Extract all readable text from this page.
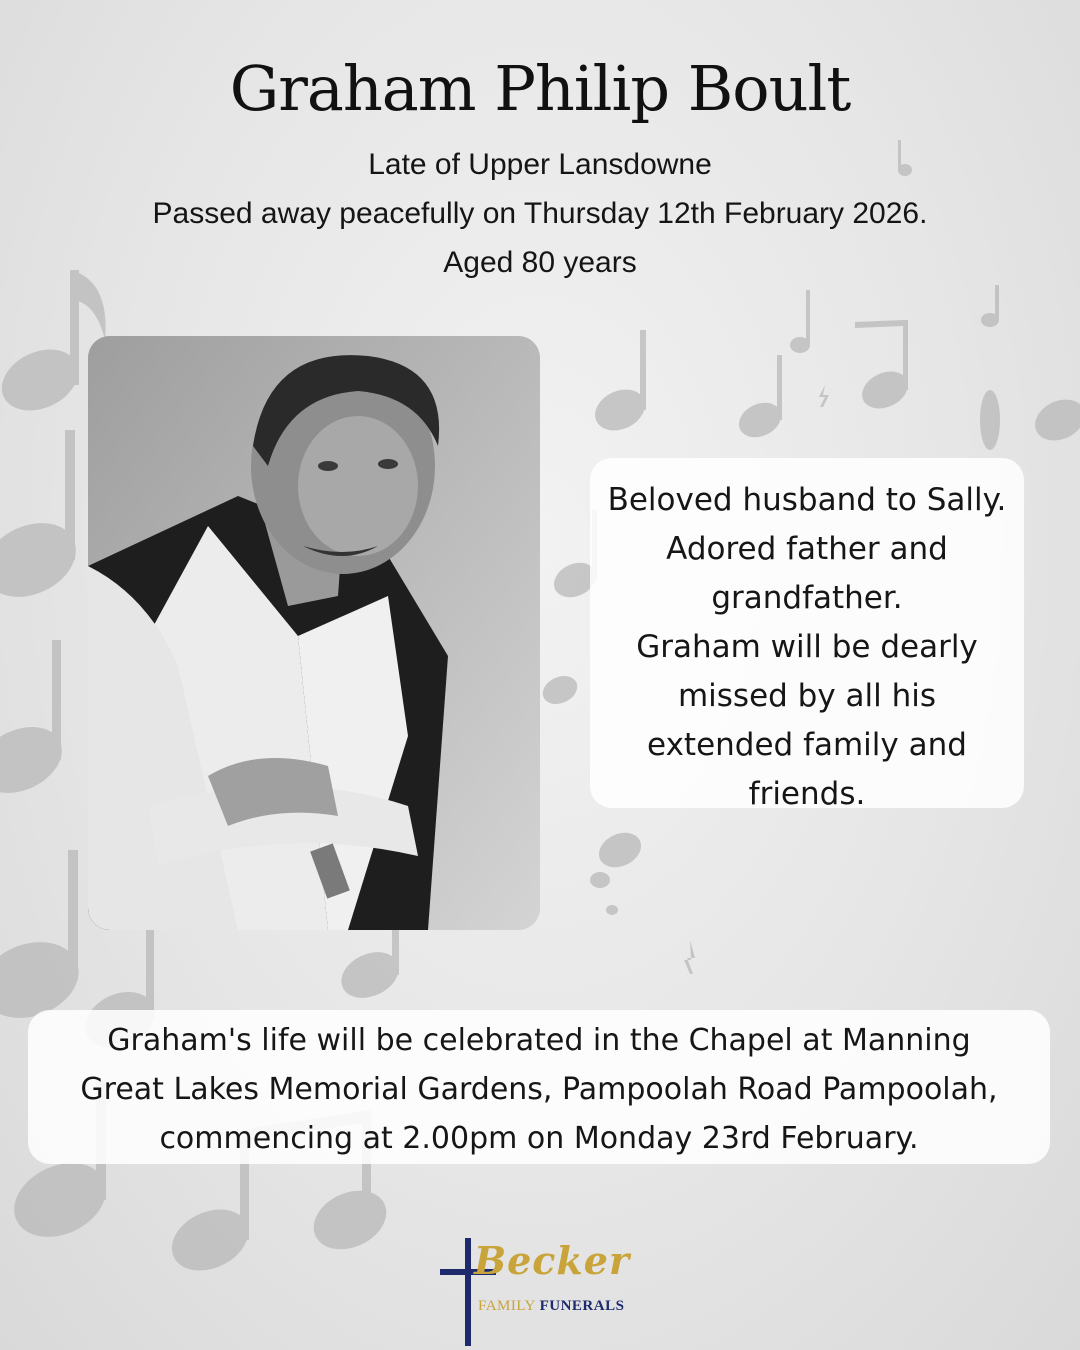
Graham Philip Boult
Late of Upper Lansdowne
Passed away peacefully on Thursday 12th February 2026.
Aged 80 years

Beloved husband to Sally.
Adored father and
grandfather.
Graham will be dearly
missed by all his
extended family and
friends.

Graham's life will be celebrated in the Chapel at Manning
Great Lakes Memorial Gardens, Pampoolah Road Pampoolah,
commencing at 2.00pm on Monday 23rd February.

Becker
FAMILY FUNERALS
